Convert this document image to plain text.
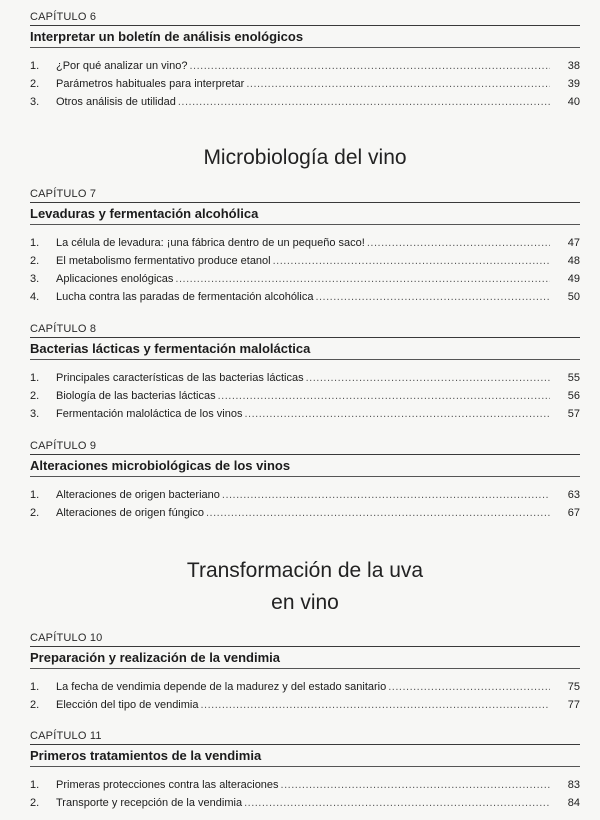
CAPÍTULO 6
Interpretar un boletín de análisis enológicos
1.	¿Por qué analizar un vino? .....	38
2.	Parámetros habituales para interpretar .....	39
3.	Otros análisis de utilidad .....	40
Microbiología del vino
CAPÍTULO 7
Levaduras y fermentación alcohólica
1.	La célula de levadura: ¡una fábrica dentro de un pequeño saco! .....	47
2.	El metabolismo fermentativo produce etanol .....	48
3.	Aplicaciones enológicas .....	49
4.	Lucha contra las paradas de fermentación alcohólica .....	50
CAPÍTULO 8
Bacterias lácticas y fermentación maloláctica
1.	Principales características de las bacterias lácticas .....	55
2.	Biología de las bacterias lácticas .....	56
3.	Fermentación maloláctica de los vinos .....	57
CAPÍTULO 9
Alteraciones microbiológicas de los vinos
1.	Alteraciones de origen bacteriano .....	63
2.	Alteraciones de origen fúngico .....	67
Transformación de la uva
en vino
CAPÍTULO 10
Preparación y realización de la vendimia
1.	La fecha de vendimia depende de la madurez y del estado sanitario .....	75
2.	Elección del tipo de vendimia .....	77
CAPÍTULO 11
Primeros tratamientos de la vendimia
1.	Primeras protecciones contra las alteraciones .....	83
2.	Transporte y recepción de la vendimia .....	84
